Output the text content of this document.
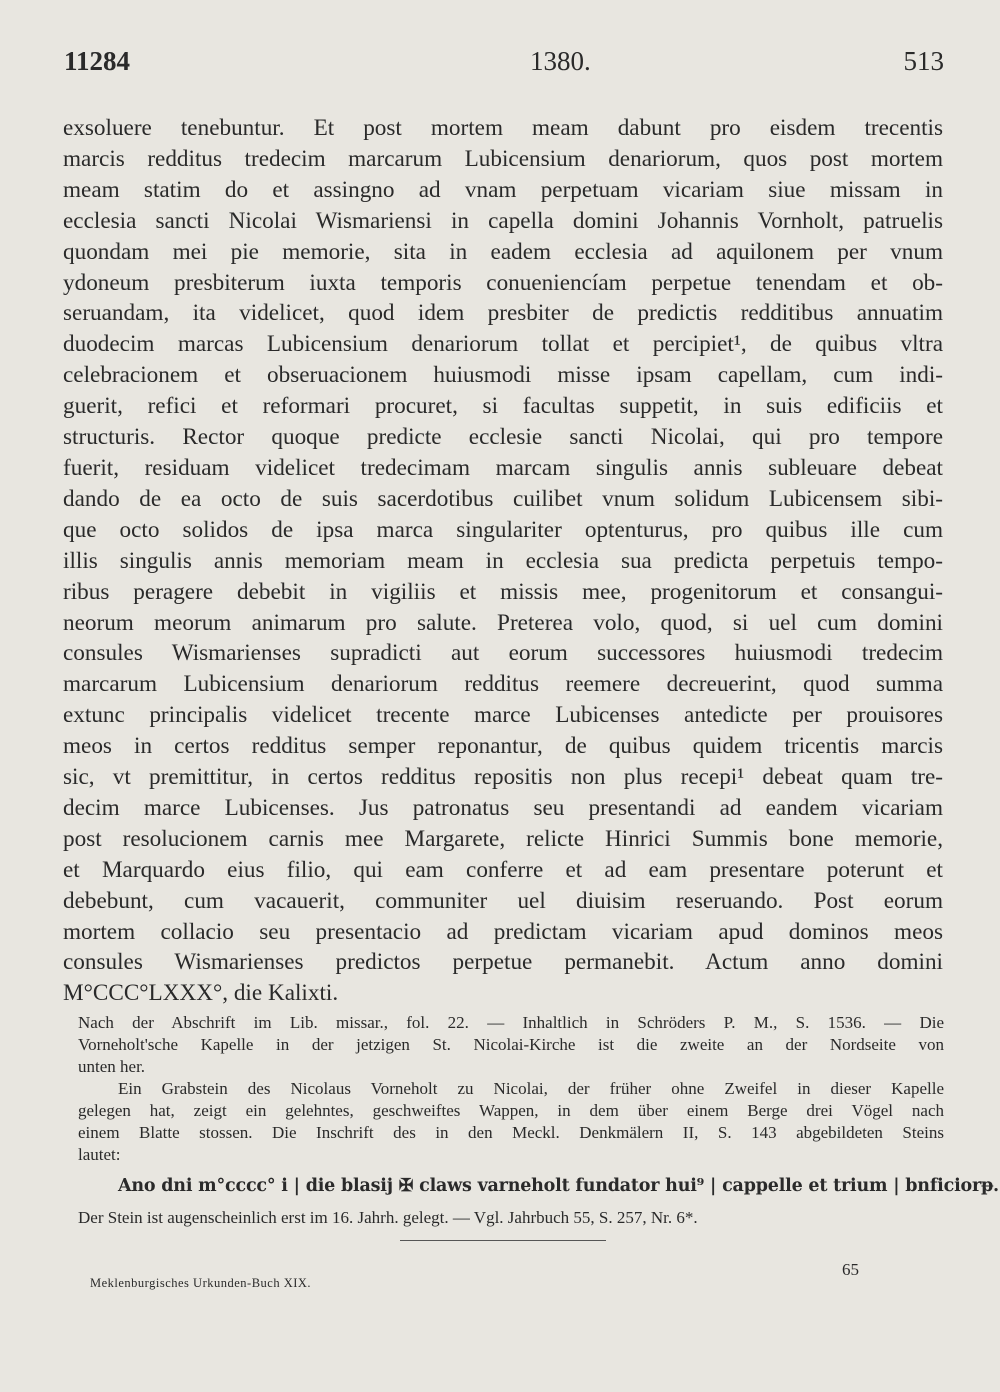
11284	1380.	513
exsoluere tenebuntur. Et post mortem meam dabunt pro eisdem trecentis
marcis redditus tredecim marcarum Lubicensium denariorum, quos post mortem
meam statim do et assingno ad vnam perpetuam vicariam siue missam in
ecclesia sancti Nicolai Wismariensi in capella domini Johannis Vornholt, patruelis
quondam mei pie memorie, sita in eadem ecclesia ad aquilonem per vnum
ydoneum presbiterum iuxta temporis conueniencíam perpetue tenendam et ob-
seruandam, ita videlicet, quod idem presbiter de predictis redditibus annuatim
duodecim marcas Lubicensium denariorum tollat et percipiet¹, de quibus vltra
celebracionem et obseruacionem huiusmodi misse ipsam capellam, cum indi-
guerit, refici et reformari procuret, si facultas suppetit, in suis edificiis et
structuris. Rector quoque predicte ecclesie sancti Nicolai, qui pro tempore
fuerit, residuam videlicet tredecimam marcam singulis annis subleuare debeat
dando de ea octo de suis sacerdotibus cuilibet vnum solidum Lubicensem sibi-
que octo solidos de ipsa marca singulariter optenturus, pro quibus ille cum
illis singulis annis memoriam meam in ecclesia sua predicta perpetuis tempo-
ribus peragere debebit in vigiliis et missis mee, progenitorum et consangui-
neorum meorum animarum pro salute. Preterea volo, quod, si uel cum domini
consules Wismarienses supradicti aut eorum successores huiusmodi tredecim
marcarum Lubicensium denariorum redditus reemere decreuerint, quod summa
extunc principalis videlicet trecente marce Lubicenses antedicte per prouisores
meos in certos redditus semper reponantur, de quibus quidem tricentis marcis
sic, vt premittitur, in certos redditus repositis non plus recepi¹ debeat quam tre-
decim marce Lubicenses. Jus patronatus seu presentandi ad eandem vicariam
post resolucionem carnis mee Margarete, relicte Hinrici Summis bone memorie,
et Marquardo eius filio, qui eam conferre et ad eam presentare poterunt et
debebunt, cum vacauerit, communiter uel diuisim reseruando. Post eorum
mortem collacio seu presentacio ad predictam vicariam apud dominos meos
consules Wismarienses predictos perpetue permanebit. Actum anno domini
M°CCC°LXXX°, die Kalixti.
Nach der Abschrift im Lib. missar., fol. 22. — Inhaltlich in Schröders P. M., S. 1536. — Die
Vorneholt'sche Kapelle in der jetzigen St. Nicolai-Kirche ist die zweite an der Nordseite von
unten her.
Ein Grabstein des Nicolaus Vorneholt zu Nicolai, der früher ohne Zweifel in dieser Kapelle
gelegen hat, zeigt ein gelehntes, geschweiftes Wappen, in dem über einem Berge drei Vögel nach
einem Blatte stossen. Die Inschrift des in den Meckl. Denkmälern II, S. 143 abgebildeten Steins
lautet:
Ano dni m°cccc° i | die blasij ✠ claws varneholt fundator hui⁹ | cappelle et trium | bnficiorᵽ.
Der Stein ist augenscheinlich erst im 16. Jahrh. gelegt. — Vgl. Jahrbuch 55, S. 257, Nr. 6*.
Meklenburgisches Urkunden-Buch XIX.
65
